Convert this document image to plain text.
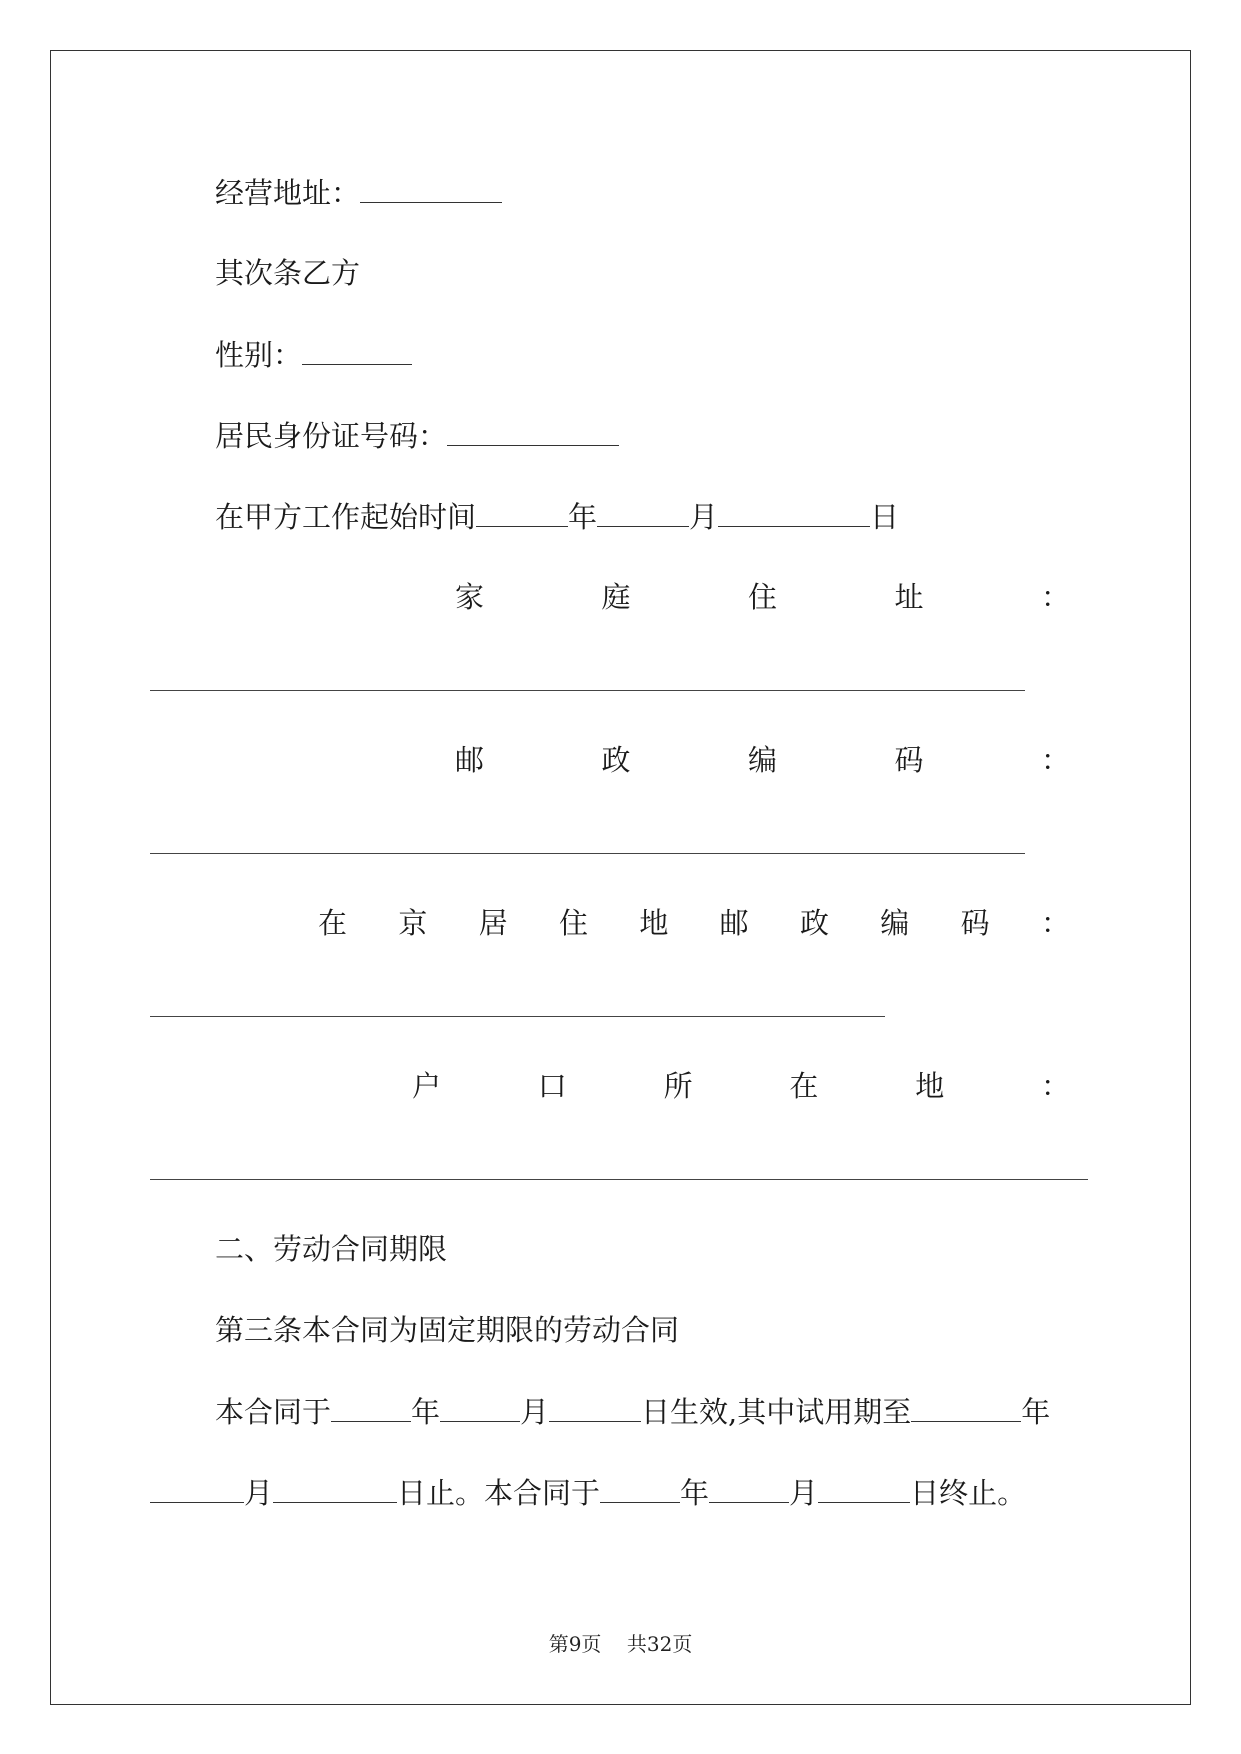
经营地址：
其次条乙方
性别：
居民身份证号码：
在甲方工作起始时间	年	月	日
家	庭	住	址	：
邮	政	编	码	：
在 京 居 住 地 邮 政 编 码 ：
户	口	所	在	地	：
二、劳动合同期限
第三条本合同为固定期限的劳动合同
本合同于	年	月	日生效,其中试用期至	年
月	日止。本合同于	年	月	日终止。
第9页 共32页
